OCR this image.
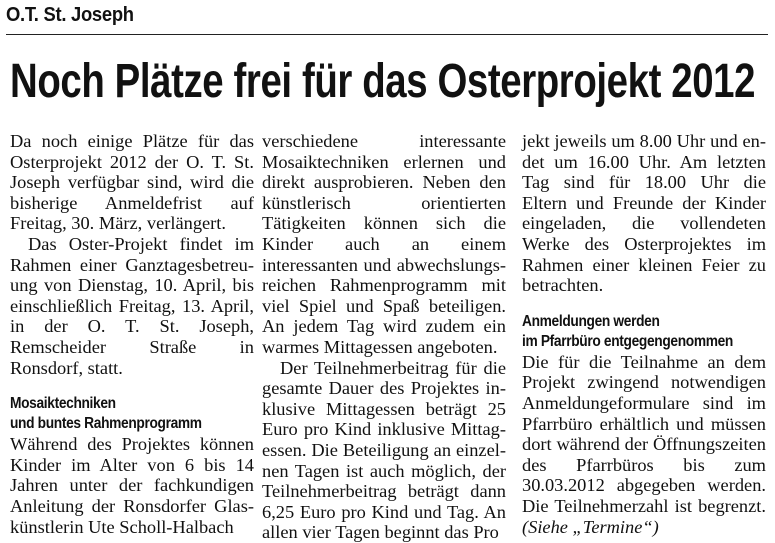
O.T. St. Joseph
Noch Plätze frei für das Osterprojekt 2012

Da noch einige Plätze für das Osterprojekt 2012 der O. T. St. Joseph verfügbar sind, wird die bisherige Anmeldefrist auf Freitag, 30. März, verlängert.

Das Oster-Projekt findet im Rahmen einer Ganztagesbetreuung von Dienstag, 10. April, bis einschließlich Freitag, 13. April, in der O. T. St. Joseph, Remscheider Straße in Ronsdorf, statt.

Mosaiktechniken
und buntes Rahmenprogramm

Während des Projektes können Kinder im Alter von 6 bis 14 Jahren unter der fachkundigen Anleitung der Ronsdorfer Glaskünstlerin Ute Scholl-Halbach

verschiedene interessante Mosaiktechniken erlernen und direkt ausprobieren. Neben den künstlerisch orientierten Tätigkeiten können sich die Kinder auch an einem interessanten und abwechslungsreichen Rahmenprogramm mit viel Spiel und Spaß beteiligen. An jedem Tag wird zudem ein warmes Mittagessen angeboten.

Der Teilnehmerbeitrag für die gesamte Dauer des Projektes inklusive Mittagessen beträgt 25 Euro pro Kind inklusive Mittagessen. Die Beteiligung an einzelnen Tagen ist auch möglich, der Teilnehmerbeitrag beträgt dann 6,25 Euro pro Kind und Tag. An allen vier Tagen beginnt das Pro

jekt jeweils um 8.00 Uhr und endet um 16.00 Uhr. Am letzten Tag sind für 18.00 Uhr die Eltern und Freunde der Kinder eingeladen, die vollendeten Werke des Osterprojektes im Rahmen einer kleinen Feier zu betrachten.

Anmeldungen werden
im Pfarrbüro entgegengenommen

Die für die Teilnahme an dem Projekt zwingend notwendigen Anmeldungeformulare sind im Pfarrbüro erhältlich und müssen dort während der Öffnungszeiten des Pfarrbüros bis zum 30.03.2012 abgegeben werden. Die Teilnehmerzahl ist begrenzt. (Siehe „Termine“)
